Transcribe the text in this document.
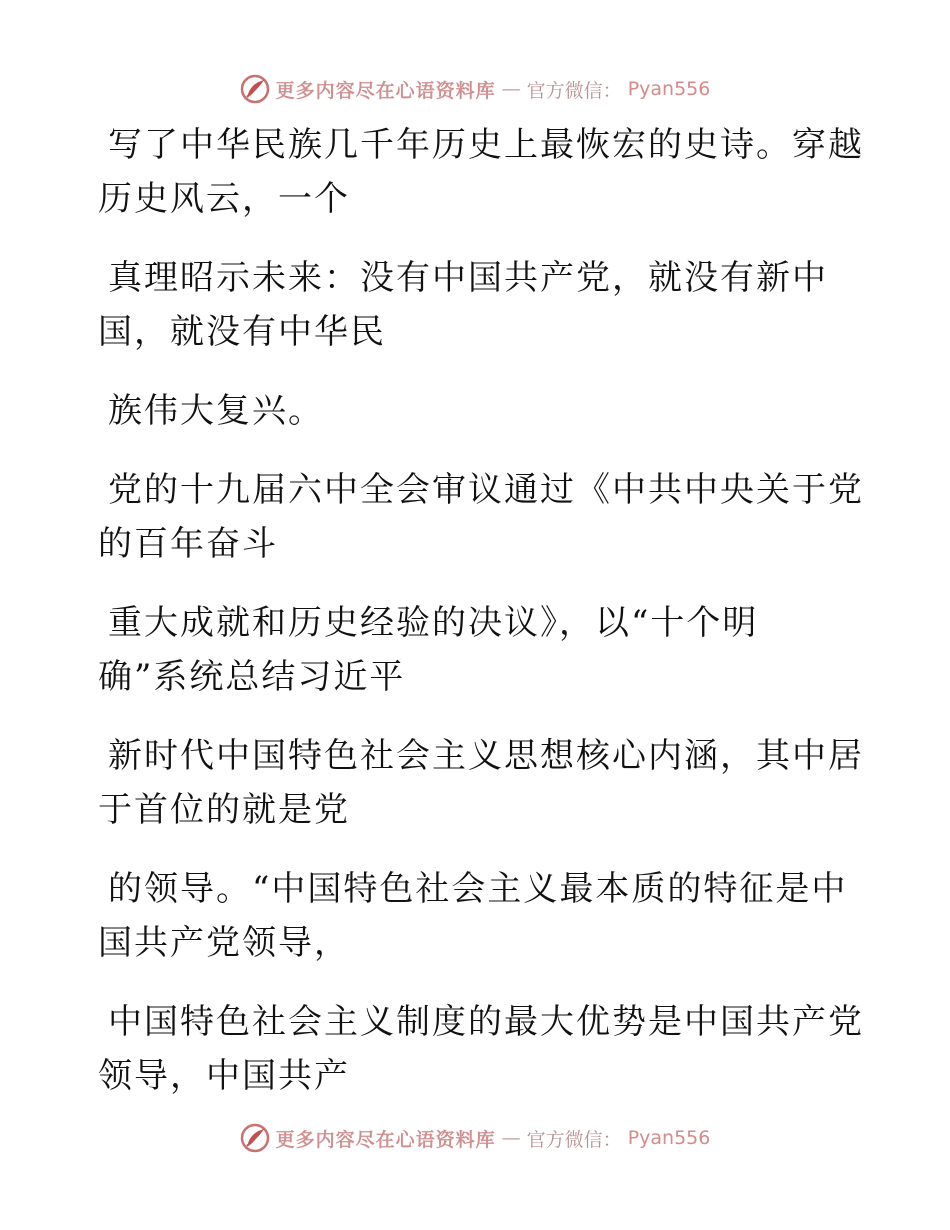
更多内容尽在心语资料库 — 官方微信： Pyan556

写了中华民族几千年历史上最恢宏的史诗。穿越
历史风云，一个

真理昭示未来：没有中国共产党，就没有新中
国，就没有中华民

族伟大复兴。

党的十九届六中全会审议通过《中共中央关于党
的百年奋斗

重大成就和历史经验的决议》，以“十个明
确”系统总结习近平

新时代中国特色社会主义思想核心内涵，其中居
于首位的就是党

的领导。“中国特色社会主义最本质的特征是中
国共产党领导，

中国特色社会主义制度的最大优势是中国共产党
领导，中国共产

更多内容尽在心语资料库 — 官方微信： Pyan556
